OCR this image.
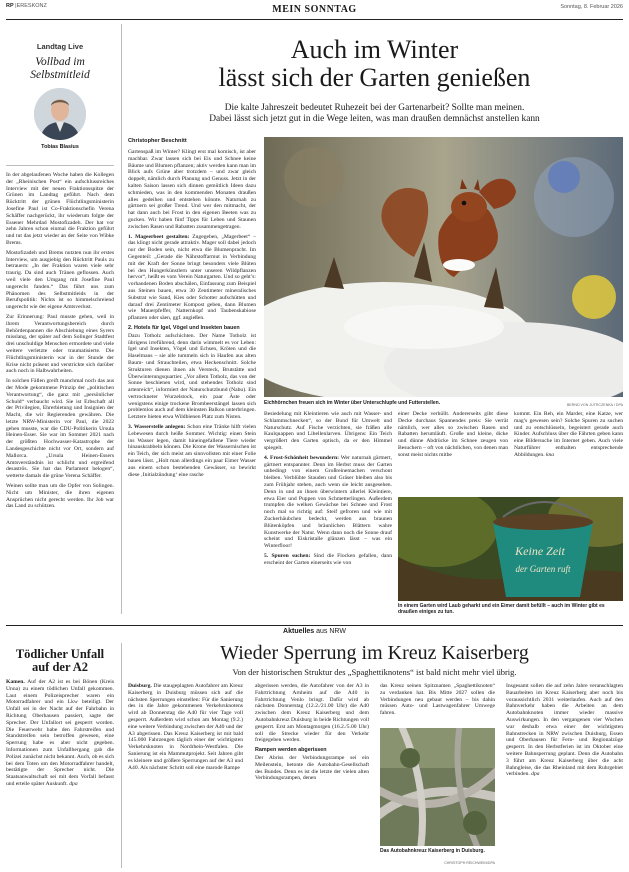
RP |ERESKONZ	MEIN SONNTAG	Sonntag, 8. Februar 2026
Landtag Live
Vollbad im Selbstmitleid
Tobias Blasius

In der abgelaufenen Woche haben die Kollegen der „Rheinischen Post“ ein aufschlussreiches Interview mit der neuen Fraktionsspitze der Grünen im Landtag geführt. Nach dem Rücktritt der grünen Flüchtlingsministerin Josefine Paul ist Co-Fraktionschefin Verena Schäffer nachgerückt, ihr wiederum folgte der Essener Mehrdad Mostofizadeh. Der hat vor zehn Jahren schon einmal die Fraktion geführt und tut das jetzt wieder an der Seite von Wibke Brems.

Mostofizadeh und Brems nutzten nun ihr erstes Interview, um ausgiebig den Rücktritt Pauls zu betrauern: „In der Fraktion waren viele sehr traurig. Da sind auch Tränen geflossen. Auch weil viele den Umgang mit Josefine Paul ungerecht fanden.“ Das führt uns zum Phänomen des Selbstmitleids in der Berufspolitik: Nichts ist so himmelschreiend ungerecht wie der eigene Amtsverlust.

Zur Erinnerung: Paul musste gehen, weil in ihrem Verantwortungsbereich durch Behördenpannen die Abschiebung eines Syrers misslang, der später auf dem Solinger Stadtfest drei unschuldige Menschen ermordete und viele weitere verletzte oder traumatisierte. Die Flüchtlingsministerin war in der Stunde der Krise nicht präsent und verstrickte sich darüber auch noch in Halbwahrheiten.

In solchen Fällen greift manchmal noch das aus der Mode gekommene Prinzip der „politischen Verantwortung“, die ganz mit „persönlicher Schuld“ verbaucht wird. Sie ist Erbschaft all der Privilegien, Ehrerbietung und Insignien der Macht, die wir Regierenden gewähren. Die letzte NRW-Ministerin vor Paul, die 2022 gehen musste, war die CDU-Politikerin Ursula Heinen-Esser. Sie war im Sommer 2021 nach der größten Hochwasser-Katastrophe der Landesgeschichte nicht vor Ort, sondern auf Mallorca. „Ursula Heinen-Essers Amtsverständnis ist schlicht und ergreifend desaströs. Sie hat das Parlament belogen“, wetterte damals die grüne Verena Schäffer.

Weinen sollte man um die Opfer von Solingen. Nicht um Minister, die ihren eigenen Ansprüchen nicht gerecht werden. Ihr Job war das Land zu schützen.

Auch im Winter
lässt sich der Garten genießen
Die kalte Jahreszeit bedeutet Ruhezeit bei der Gartenarbeit? Sollte man meinen.
Dabei lässt sich jetzt gut in die Wege leiten, was man draußen demnächst anstellen kann
Christopher Beschnitt

Gartenspaß im Winter? Klingt erst mal komisch, ist aber machbar. Zwar lassen sich bei Eis und Schnee keine Bäume und Blumen pflanzen; aktiv werden kann man im Blick aufs Grüne aber trotzdem – und zwar gleich doppelt, nämlich durch Planung und Genuss. Jetzt in der kalten Saison lassen sich dinnen gemütlich Ideen dazu schmieden, was in den kommenden Monaten draußen alles gedeihen und entstehen könnte. Naturnah zu gärtnern sei großer Trend. Und wer den mitmacht, der hat dann auch bei Frost in den eigenen Beeten was zu gucken. Wir haben fünf Tipps für Leben und Staunen zwischen Rasen und Rabatten zusammengetragen.

1. Mageerbeet gestalten: Zugegeben, „Magerbeet“ – das klingt nicht gerade attraktiv. Mager soll dabei jedoch nur der Boden sein, nicht etwa die Blumenpracht. Im Gegenteil: „Gerade die Nährstoffarmut in Verbindung mit der Kraft der Sonne bringt besonders viele Blüten bei den Hungerkünstlern unter unseren Wildpflanzen hervor“, heißt es vom Verein Naturgarten. Und so geht’s: vorhandenen Boden abschälen, Einfassung zum Beispiel aus Steinen bauen, etwa 30 Zentimeter mineralisches Substrat wie Sand, Kies oder Schotter aufschütten und darauf drei Zentimeter Kompost geben, dann Blumen wie Mauerpfeffer, Natternkopf und Taubenskabiose pflanzen oder säen, ggf. angießen.

2. Hotels für Igel, Vögel und Insekten bauen

Dazu Totholz aufschichten. Der Name Totholz ist übrigens irreführend, denn darin wimmelt es vor Leben: Igel und Insekten, Vögel und Echsen, Kröten und die Haselmaus – sie alle tummeln sich in Haufen aus alten Baum- und Strauchteilen, etwa Heckenschnitt. Solche Strukturen dienen ihnen als Versteck, Brutstätte und Überwinterungsquartier. „Vor allem Totholz, das von der Sonne beschienen wird, und stehendes Totholz sind artenreich“, informiert der Naturschutzbund (Nabu). Ein vertrockneter Wurzelstock, ein paar Äste oder wenigstens einige trockene Brombeerstängel lassen sich problemlos auch auf dem kleinsten Balkon unterbringen. Letztere bieten etwa Wildbienen Platz zum Nisten.

3. Wasserstelle anlegen: Schon eine Tränke hilft vielen Lebewesen durch heiße Sommer. Wichtig: einen Stein ins Wasser legen, damit hineingefallene Tiere wieder hinauskrabbeln können. Die Krone der Wassernischen ist ein Teich, der sich meist am sinnvollsten mit einer Folie bauen lässt. „Holt man allerdings ein paar Eimer Wasser aus einem schon bestehenden Gewässer, so bewirkt diese ‚Initialzündung‘ eine rasche

Eichhörnchen freuen sich im Winter über Unterschlupfe und Futterstellen.	BERND VON JUTRCZENKA / DPA

Besiedelung mit Kleintieren wie auch mit Wasser- und Schlammschnecken“, so der Bund für Umwelt und Naturschutz. Auf Fische verzichten, sie fräßen alle Kaulquappen und Libellenlarven. Übrigens: Ein Teich vergrößert den Garten optisch, da er den Himmel spiegelt.

4. Frost-Schönheit bewundern: Wer naturnah gärtnert, gärtnert entspannter. Denn im Herbst muss der Garten unbedingt von einem Großreinemachen verschont bleiben. Verblühte Stauden und Gräser bleiben also bis zum Frühjahr stehen, auch wenn sie leicht ausgesehen. Denn in und an ihnen überwintern allerlei Kleintiere, etwa Eier und Puppen von Schmetterlingen. Außerdem trumpfen die welken Gewächse bei Schnee und Frost noch mal so richtig auf: Steif gefroren und wie mit Zuckerhäubchen bedeckt, werden aus braunen Blütenköpfen und bräunlichen Blättern wahre Kunstwerke der Natur. Wenn dann noch die Sonne drauf scheint und Eiskristalle glänzen lässt – was ein Winterfloor!

5. Spuren suchen: Sind die Flocken gefallen, dann erscheint der Garten einerseits wie von

einer Decke verhüllt. Andererseits gibt diese Decke durchaus Spannendes preis: Sie verrät nämlich, wer alles so zwischen Rasen und Rabatten herumläuft. Große und kleine, dicke und dünne Abdrücke im Schnee zeugen von Besuchern – oft von nächtlichen, von denen man sonst meist nichts mitbe
kommt. Ein Reh, ein Marder, eine Katze, wer mag’s gewesen sein? Solche Spuren zu suchen und zu entschlüsseln, begeistert gerade auch Kinder. Aufschluss über die Fährten geben kann eine Bildersuche im Internet geben. Auch viele Naturführer enthalten entsprechende Abbildungen. kna
Keine Zeit
der Garten ruft
In einem Garten wird Laub geharkt und ein Eimer damit befüllt – auch im Winter gibt es draußen einiges zu tun.
Aktuelles aus NRW
Tödlicher Unfall auf der A2
Kamen. Auf der A2 ist es bei Bönen (Kreis Unna) zu einem tödlichen Unfall gekommen. Laut einem Polizeisprecher waren ein Motorradfahrer und ein Lkw beteiligt. Der Unfall sei in der Nacht auf der Fahrbahn in Richtung Oberhausen passiert, sagte der Sprecher. Der Unfallort sei gesperrt worden. Die Feuerwehr habe den Fahrstreifen und Standstreifen sein betroffen gewesen, eine Sperrung habe es aber nicht gegeben. Informationen zum Unfallhergang gab die Polizei zunächst nicht bekannt. Auch, ob es sich bei dem Toten um den Motorradfahrer handelt, bestätigte der Sprecher nicht. Die Staatsanwaltschaft sei mit dem Vorfall befasst und erteile später Auskunft. dpa
Wieder Sperrung im Kreuz Kaiserberg
Von der historischen Struktur des „Spaghettiknotens“ ist bald nicht mehr viel übrig.
Duisburg. Die staugeplagten Autofahrer am Kreuz Kaiserberg in Duisburg müssen sich auf die nächsten Sperrungen einstellen: Für die Sanierung des in die Jahre gekommenen Verkehrsknotens wird ab Donnerstag die A40 für vier Tage voll gesperrt. Außerdem wird schon am Montag (9.2.) eine weitere Verbindung zwischen der A40 und der A3 abgerissen. Das Kreuz Kaiserberg ist mit bald 145.000 Fahrzeugen täglich einer der wichtigsten Verkehrsknoten in Nordrhein-Westfalen. Die Sanierung ist ein Mammutprojekt. Seit Jahren gibt es kleinere und größere Sperrungen auf der A3 und A40. Als nächster Schritt soll eine marode Rampe

abgerissen werden, die Autofahrer von der A3 in Fahrtrichtung Arnheim auf die A40 in Fahrtrichtung Venlo bringt. Dafür wird ab nächsten Donnerstag (12.2./21.00 Uhr) die A40 zwischen dem Kreuz Kaiserberg und dem Autobahnkreuz Duisburg in beide Richtungen voll gesperrt. Erst am Montagmorgen (16.2./5.00 Uhr) soll die Strecke wieder für den Verkehr freigegeben werden.

Rampen werden abgerissen

Der Abriss der Verbindungsrampe sei ein Meilenstein, betonte die Autobahn-Gesellschaft des Bundes. Denn es ist die letzte der vielen alten Verbindungsrampen, denen

das Kreuz seinen Spitznamen „Spaghettiknoten“ zu verdanken hat. Bis Mitte 2027 sollen die Verbindungen neu gebaut werden – bis dahin müssen Auto- und Lastwagenfahrer Umwege fahren.
Das Autobahnkreuz Kaiserberg in Duisburg.
CHRISTOPH REICHWEIN/DPA
Insgesamt sollen die auf zehn Jahre veranschlagten Bauarbeiten im Kreuz Kaiserberg aber noch bis voraussichtlich 2031 weiterlaufen. Auch auf den Bahnverkehr haben die Arbeiten an dem Autobahnknoten immer wieder massive Auswirkungen. In den vergangenen vier Wochen war deshalb etwa einer der wichtigsten Bahnstrecken in NRW zwischen Duisburg, Essen und Oberhausen für Fern- und Regionalzüge gesperrt. In den Herbstferien ist im Oktober eine weitere Bahnsperrung geplant. Denn die Autobahn 3 führt am Kreuz Kaiserberg über die acht Bahngleise, die das Rheinland mit dem Ruhrgebiet verbinden. dpa
